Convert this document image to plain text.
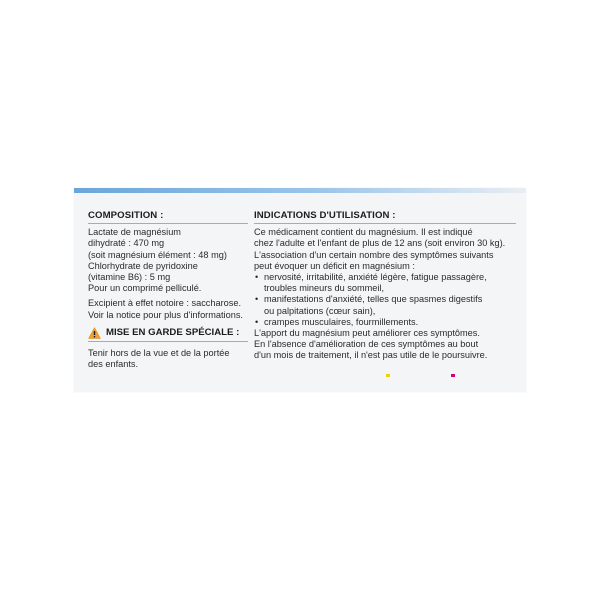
COMPOSITION :
Lactate de magnésium
dihydraté : 470 mg
(soit magnésium élément : 48 mg)
Chlorhydrate de pyridoxine
(vitamine B6) : 5 mg
Pour un comprimé pelliculé.
Excipient à effet notoire : saccharose.
Voir la notice pour plus d'informations.
MISE EN GARDE SPÉCIALE :
Tenir hors de la vue et de la portée
des enfants.
INDICATIONS D'UTILISATION :
Ce médicament contient du magnésium. Il est indiqué
chez l'adulte et l'enfant de plus de 12 ans (soit environ 30 kg).
L'association d'un certain nombre des symptômes suivants
peut évoquer un déficit en magnésium :
• nervosité, irritabilité, anxiété légère, fatigue passagère,
troubles mineurs du sommeil,
• manifestations d'anxiété, telles que spasmes digestifs
ou palpitations (cœur sain),
• crampes musculaires, fourmillements.
L'apport du magnésium peut améliorer ces symptômes.
En l'absence d'amélioration de ces symptômes au bout
d'un mois de traitement, il n'est pas utile de le poursuivre.
